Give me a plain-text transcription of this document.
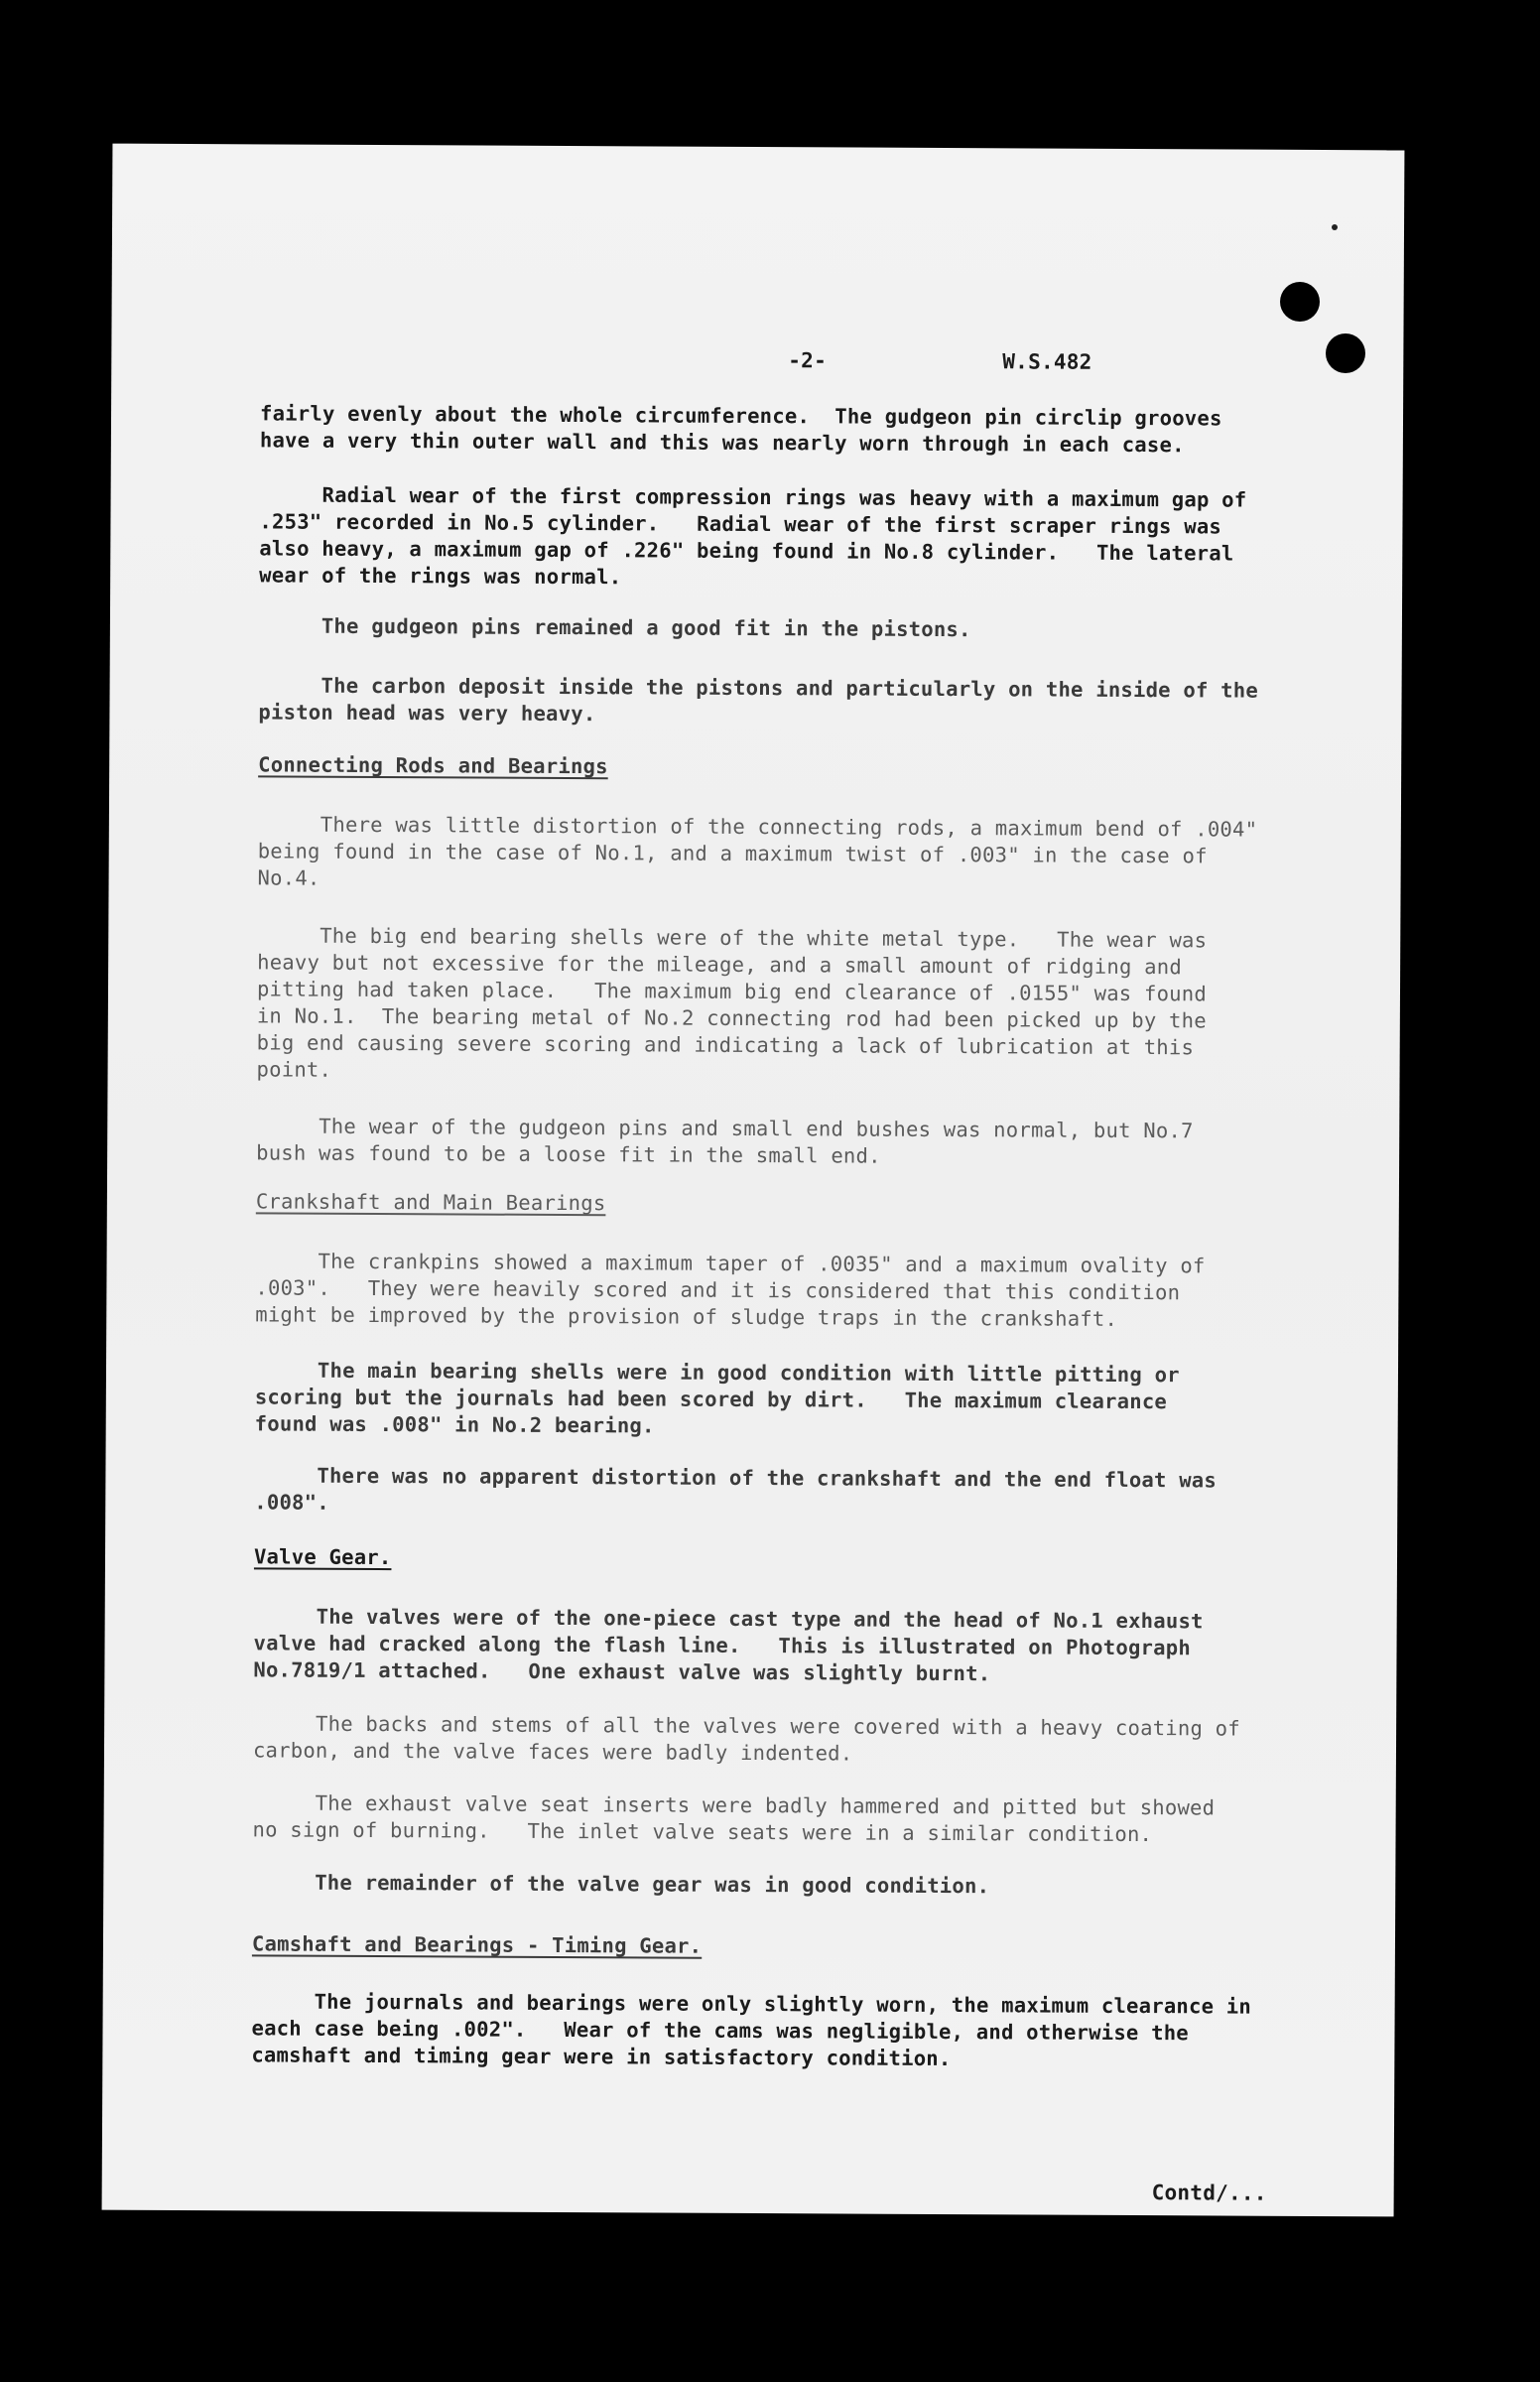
-2-	W.S.482
fairly evenly about the whole circumference.  The gudgeon pin circlip grooves
have a very thin outer wall and this was nearly worn through in each case.
Radial wear of the first compression rings was heavy with a maximum gap of
.253" recorded in No.5 cylinder.   Radial wear of the first scraper rings was
also heavy, a maximum gap of .226" being found in No.8 cylinder.   The lateral
wear of the rings was normal.
The gudgeon pins remained a good fit in the pistons.
The carbon deposit inside the pistons and particularly on the inside of the
piston head was very heavy.
Connecting Rods and Bearings
There was little distortion of the connecting rods, a maximum bend of .004"
being found in the case of No.1, and a maximum twist of .003" in the case of
No.4.
The big end bearing shells were of the white metal type.   The wear was
heavy but not excessive for the mileage, and a small amount of ridging and
pitting had taken place.   The maximum big end clearance of .0155" was found
in No.1.  The bearing metal of No.2 connecting rod had been picked up by the
big end causing severe scoring and indicating a lack of lubrication at this
point.
The wear of the gudgeon pins and small end bushes was normal, but No.7
bush was found to be a loose fit in the small end.
Crankshaft and Main Bearings
The crankpins showed a maximum taper of .0035" and a maximum ovality of
.003".   They were heavily scored and it is considered that this condition
might be improved by the provision of sludge traps in the crankshaft.
The main bearing shells were in good condition with little pitting or
scoring but the journals had been scored by dirt.   The maximum clearance
found was .008" in No.2 bearing.
There was no apparent distortion of the crankshaft and the end float was
.008".
Valve Gear.
The valves were of the one-piece cast type and the head of No.1 exhaust
valve had cracked along the flash line.   This is illustrated on Photograph
No.7819/1 attached.   One exhaust valve was slightly burnt.
The backs and stems of all the valves were covered with a heavy coating of
carbon, and the valve faces were badly indented.
The exhaust valve seat inserts were badly hammered and pitted but showed
no sign of burning.   The inlet valve seats were in a similar condition.
The remainder of the valve gear was in good condition.
Camshaft and Bearings - Timing Gear.
The journals and bearings were only slightly worn, the maximum clearance in
each case being .002".   Wear of the cams was negligible, and otherwise the
camshaft and timing gear were in satisfactory condition.
Contd/...
